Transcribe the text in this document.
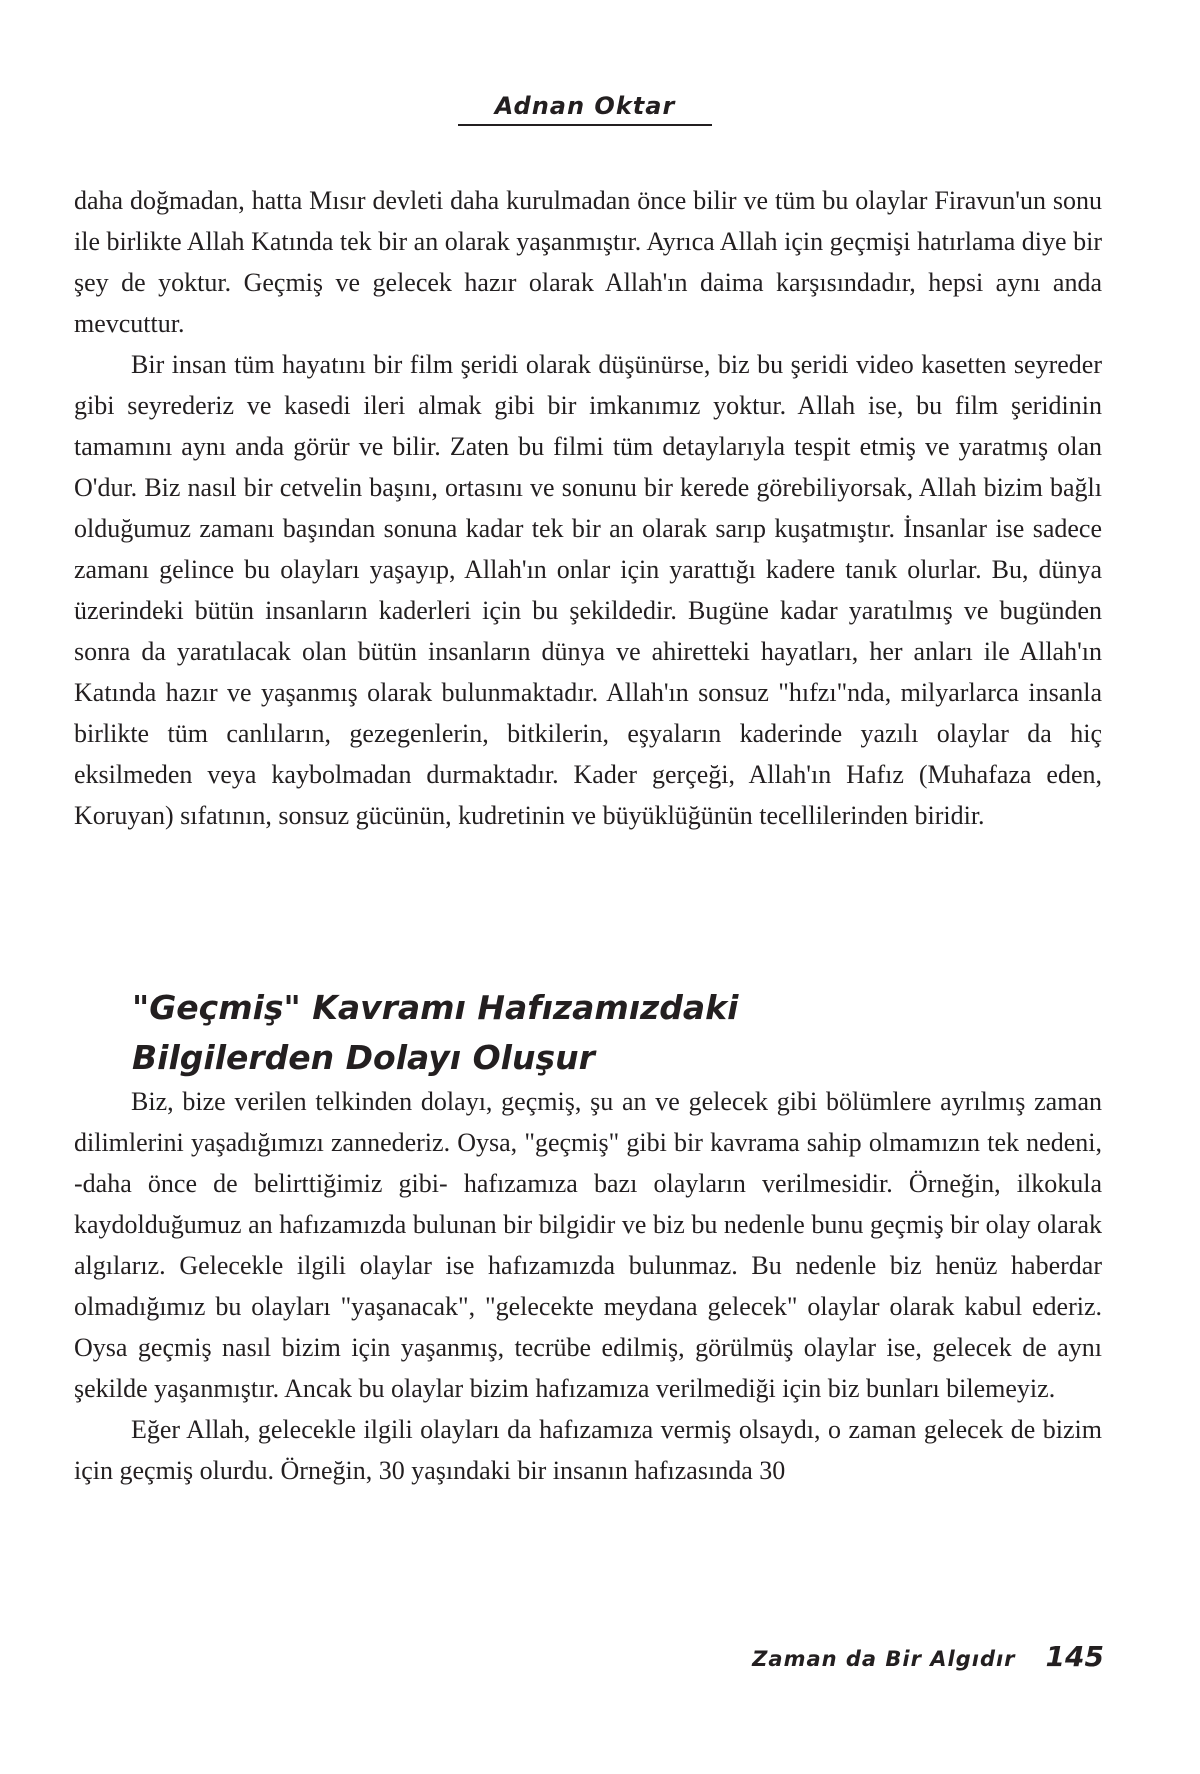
Adnan Oktar

daha doğmadan, hatta Mısır devleti daha kurulmadan önce bilir ve tüm bu olaylar Firavun'un sonu ile birlikte Allah Katında tek bir an olarak yaşanmıştır. Ayrıca Allah için geçmişi hatırlama diye bir şey de yoktur. Geçmiş ve gelecek hazır olarak Allah'ın daima karşısındadır, hepsi aynı anda mevcuttur.

Bir insan tüm hayatını bir film şeridi olarak düşünürse, biz bu şeridi video kasetten seyreder gibi seyrederiz ve kasedi ileri almak gibi bir imkanımız yoktur. Allah ise, bu film şeridinin tamamını aynı anda görür ve bilir. Zaten bu filmi tüm detaylarıyla tespit etmiş ve yaratmış olan O'dur. Biz nasıl bir cetvelin başını, ortasını ve sonunu bir kerede görebiliyorsak, Allah bizim bağlı olduğumuz zamanı başından sonuna kadar tek bir an olarak sarıp kuşatmıştır. İnsanlar ise sadece zamanı gelince bu olayları yaşayıp, Allah'ın onlar için yarattığı kadere tanık olurlar. Bu, dünya üzerindeki bütün insanların kaderleri için bu şekildedir. Bugüne kadar yaratılmış ve bugünden sonra da yaratılacak olan bütün insanların dünya ve ahiretteki hayatları, her anları ile Allah'ın Katında hazır ve yaşanmış olarak bulunmaktadır. Allah'ın sonsuz "hıfzı"nda, milyarlarca insanla birlikte tüm canlıların, gezegenlerin, bitkilerin, eşyaların kaderinde yazılı olaylar da hiç eksilmeden veya kaybolmadan durmaktadır. Kader gerçeği, Allah'ın Hafız (Muhafaza eden, Koruyan) sıfatının, sonsuz gücünün, kudretinin ve büyüklüğünün tecellilerinden biridir.

"Geçmiş" Kavramı Hafızamızdaki
Bilgilerden Dolayı Oluşur

Biz, bize verilen telkinden dolayı, geçmiş, şu an ve gelecek gibi bölümlere ayrılmış zaman dilimlerini yaşadığımızı zannederiz. Oysa, "geçmiş" gibi bir kavrama sahip olmamızın tek nedeni, -daha önce de belirttiğimiz gibi- hafızamıza bazı olayların verilmesidir. Örneğin, ilkokula kaydolduğumuz an hafızamızda bulunan bir bilgidir ve biz bu nedenle bunu geçmiş bir olay olarak algılarız. Gelecekle ilgili olaylar ise hafızamızda bulunmaz. Bu nedenle biz henüz haberdar olmadığımız bu olayları "yaşanacak", "gelecekte meydana gelecek" olaylar olarak kabul ederiz. Oysa geçmiş nasıl bizim için yaşanmış, tecrübe edilmiş, görülmüş olaylar ise, gelecek de aynı şekilde yaşanmıştır. Ancak bu olaylar bizim hafızamıza verilmediği için biz bunları bilemeyiz.

Eğer Allah, gelecekle ilgili olayları da hafızamıza vermiş olsaydı, o zaman gelecek de bizim için geçmiş olurdu. Örneğin, 30 yaşındaki bir insanın hafızasında 30

Zaman da Bir Algıdır 145
